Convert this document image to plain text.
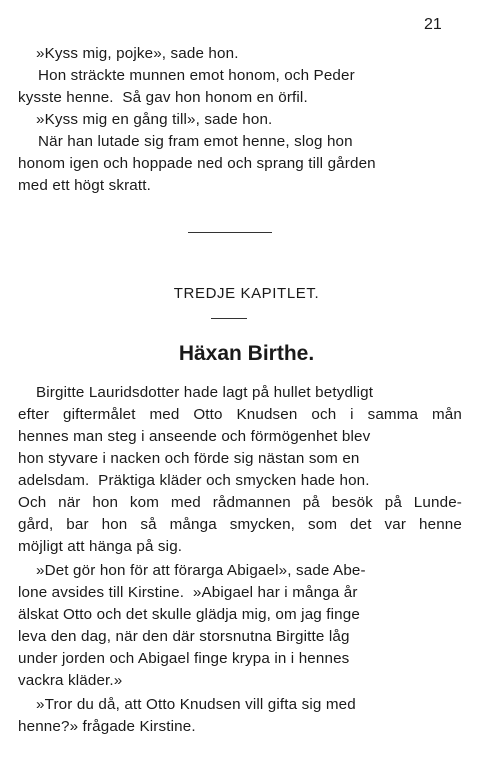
21
»Kyss mig, pojke», sade hon.
Hon sträckte munnen emot honom, och Peder
kysste henne.  Så gav hon honom en örfil.
»Kyss mig en gång till», sade hon.
När han lutade sig fram emot henne, slog hon
honom igen och hoppade ned och sprang till gården
med ett högt skratt.
TREDJE KAPITLET.
Häxan Birthe.
Birgitte Lauridsdotter hade lagt på hullet betydligt
efter giftermålet med Otto Knudsen och i samma mån
hennes man steg i anseende och förmögenhet blev
hon styvare i nacken och förde sig nästan som en
adelsdam.  Präktiga kläder och smycken hade hon.
Och när hon kom med rådmannen på besök på Lunde-
gård, bar hon så många smycken, som det var henne
möjligt att hänga på sig.
»Det gör hon för att förarga Abigael», sade Abe-
lone avsides till Kirstine.  »Abigael har i många år
älskat Otto och det skulle glädja mig, om jag finge
leva den dag, när den där storsnutna Birgitte låg
under jorden och Abigael finge krypa in i hennes
vackra kläder.»
»Tror du då, att Otto Knudsen vill gifta sig med
henne?» frågade Kirstine.
